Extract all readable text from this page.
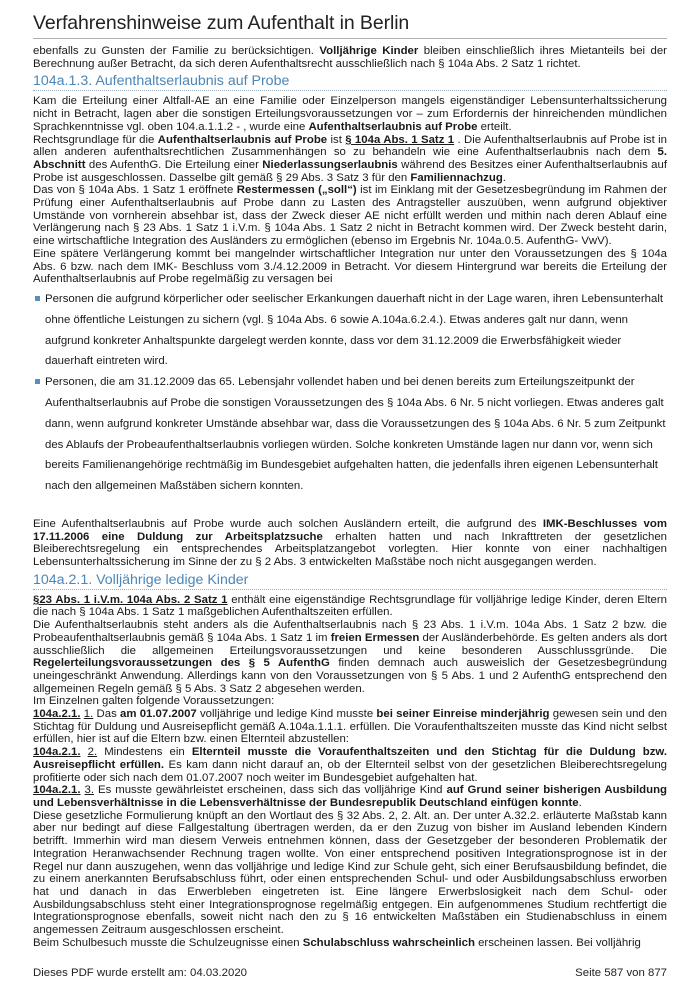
Verfahrenshinweise zum Aufenthalt in Berlin

ebenfalls zu Gunsten der Familie zu berücksichtigen. Volljährige Kinder bleiben einschließlich ihres Mietanteils bei der Berechnung außer Betracht, da sich deren Aufenthaltsrecht ausschließlich nach § 104a Abs. 2 Satz 1 richtet.

104a.1.3. Aufenthaltserlaubnis auf Probe

Kam die Erteilung einer Altfall-AE an eine Familie oder Einzelperson mangels eigenständiger Lebensunterhaltssicherung nicht in Betracht, lagen aber die sonstigen Erteilungsvoraussetzungen vor – zum Erfordernis der hinreichenden mündlichen Sprachkenntnisse vgl. oben 104.a.1.1.2 - , wurde eine Aufenthaltserlaubnis auf Probe erteilt.

Rechtsgrundlage für die Aufenthaltserlaubnis auf Probe ist § 104a Abs. 1 Satz 1 . Die Aufenthaltserlaubnis auf Probe ist in allen anderen aufenthaltsrechtlichen Zusammenhängen so zu behandeln wie eine Aufenthaltserlaubnis nach dem 5. Abschnitt des AufenthG. Die Erteilung einer Niederlassungserlaubnis während des Besitzes einer Aufenthaltserlaubnis auf Probe ist ausgeschlossen. Dasselbe gilt gemäß § 29 Abs. 3 Satz 3 für den Familiennachzug.

Das von § 104a Abs. 1 Satz 1 eröffnete Restermessen („soll“) ist im Einklang mit der Gesetzesbegründung im Rahmen der Prüfung einer Aufenthaltserlaubnis auf Probe dann zu Lasten des Antragsteller auszuüben, wenn aufgrund objektiver Umstände von vornherein absehbar ist, dass der Zweck dieser AE nicht erfüllt werden und mithin nach deren Ablauf eine Verlängerung nach § 23 Abs. 1 Satz 1 i.V.m. § 104a Abs. 1 Satz 2 nicht in Betracht kommen wird. Der Zweck besteht darin, eine wirtschaftliche Integration des Ausländers zu ermöglichen (ebenso im Ergebnis Nr. 104a.0.5. AufenthG- VwV).

Eine spätere Verlängerung kommt bei mangelnder wirtschaftlicher Integration nur unter den Voraussetzungen des § 104a Abs. 6 bzw. nach dem IMK- Beschluss vom 3./4.12.2009 in Betracht. Vor diesem Hintergrund war bereits die Erteilung der Aufenthaltserlaubnis auf Probe regelmäßig zu versagen bei

Personen die aufgrund körperlicher oder seelischer Erkankungen dauerhaft nicht in der Lage waren, ihren Lebensunterhalt ohne öffentliche Leistungen zu sichern (vgl. § 104a Abs. 6 sowie A.104a.6.2.4.). Etwas anderes galt nur dann, wenn aufgrund konkreter Anhaltspunkte dargelegt werden konnte, dass vor dem 31.12.2009 die Erwerbsfähigkeit wieder dauerhaft eintreten wird.
Personen, die am 31.12.2009 das 65. Lebensjahr vollendet haben und bei denen bereits zum Erteilungszeitpunkt der Aufenthaltserlaubnis auf Probe die sonstigen Voraussetzungen des § 104a Abs. 6 Nr. 5 nicht vorliegen. Etwas anderes galt dann, wenn aufgrund konkreter Umstände absehbar war, dass die Voraussetzungen des § 104a Abs. 6 Nr. 5 zum Zeitpunkt des Ablaufs der Probeaufenthaltserlaubnis vorliegen würden. Solche konkreten Umstände lagen nur dann vor, wenn sich bereits Familienangehörige rechtmäßig im Bundesgebiet aufgehalten hatten, die jedenfalls ihren eigenen Lebensunterhalt nach den allgemeinen Maßstäben sichern konnten.

Eine Aufenthaltserlaubnis auf Probe wurde auch solchen Ausländern erteilt, die aufgrund des IMK-Beschlusses vom 17.11.2006 eine Duldung zur Arbeitsplatzsuche erhalten hatten und nach Inkrafttreten der gesetzlichen Bleiberechtsregelung ein entsprechendes Arbeitsplatzangebot vorlegten. Hier konnte von einer nachhaltigen Lebensunterhaltssicherung im Sinne der zu § 2 Abs. 3 entwickelten Maßstäbe noch nicht ausgegangen werden.

104a.2.1. Volljährige ledige Kinder

§23 Abs. 1 i.V.m. 104a Abs. 2 Satz 1 enthält eine eigenständige Rechtsgrundlage für volljährige ledige Kinder, deren Eltern die nach § 104a Abs. 1 Satz 1 maßgeblichen Aufenthaltszeiten erfüllen.

Die Aufenthaltserlaubnis steht anders als die Aufenthaltserlaubnis nach § 23 Abs. 1 i.V.m. 104a Abs. 1 Satz 2 bzw. die Probeaufenthaltserlaubnis gemäß § 104a Abs. 1 Satz 1 im freien Ermessen der Ausländerbehörde. Es gelten anders als dort ausschließlich die allgemeinen Erteilungsvoraussetzungen und keine besonderen Ausschlussgründe. Die Regelerteilungsvoraussetzungen des § 5 AufenthG finden demnach auch ausweislich der Gesetzesbegründung uneingeschränkt Anwendung. Allerdings kann von den Voraussetzungen von § 5 Abs. 1 und 2 AufenthG entsprechend den allgemeinen Regeln gemäß § 5 Abs. 3 Satz 2 abgesehen werden.

Im Einzelnen galten folgende Voraussetzungen:

104a.2.1. 1. Das am 01.07.2007 volljährige und ledige Kind musste bei seiner Einreise minderjährig gewesen sein und den Stichtag für Duldung und Ausreisepflicht gemäß A.104a.1.1.1. erfüllen. Die Voraufenthaltszeiten musste das Kind nicht selbst erfüllen, hier ist auf die Eltern bzw. einen Elternteil abzustellen:

104a.2.1. 2. Mindestens ein Elternteil musste die Voraufenthaltszeiten und den Stichtag für die Duldung bzw. Ausreisepflicht erfüllen. Es kam dann nicht darauf an, ob der Elternteil selbst von der gesetzlichen Bleiberechtsregelung profitierte oder sich nach dem 01.07.2007 noch weiter im Bundesgebiet aufgehalten hat.

104a.2.1. 3. Es musste gewährleistet erscheinen, dass sich das volljährige Kind auf Grund seiner bisherigen Ausbildung und Lebensverhältnisse in die Lebensverhältnisse der Bundesrepublik Deutschland einfügen konnte.

Diese gesetzliche Formulierung knüpft an den Wortlaut des § 32 Abs. 2, 2. Alt. an. Der unter A.32.2. erläuterte Maßstab kann aber nur bedingt auf diese Fallgestaltung übertragen werden, da er den Zuzug von bisher im Ausland lebenden Kindern betrifft. Immerhin wird man diesem Verweis entnehmen können, dass der Gesetzgeber der besonderen Problematik der Integration Heranwachsender Rechnung tragen wollte. Von einer entsprechend positiven Integrationsprognose ist in der Regel nur dann auszugehen, wenn das volljährige und ledige Kind zur Schule geht, sich einer Berufsausbildung befindet, die zu einem anerkannten Berufsabschluss führt, oder einen entsprechenden Schul- und oder Ausbildungsabschluss erworben hat und danach in das Erwerbleben eingetreten ist. Eine längere Erwerbslosigkeit nach dem Schul- oder Ausbildungsabschluss steht einer Integrationsprognose regelmäßig entgegen. Ein aufgenommenes Studium rechtfertigt die Integrationsprognose ebenfalls, soweit nicht nach den zu § 16 entwickelten Maßstäben ein Studienabschluss in einem angemessen Zeitraum ausgeschlossen erscheint.

Beim Schulbesuch musste die Schulzeugnisse einen Schulabschluss wahrscheinlich erscheinen lassen. Bei volljährig

Dieses PDF wurde erstellt am: 04.03.2020	Seite 587 von 877
